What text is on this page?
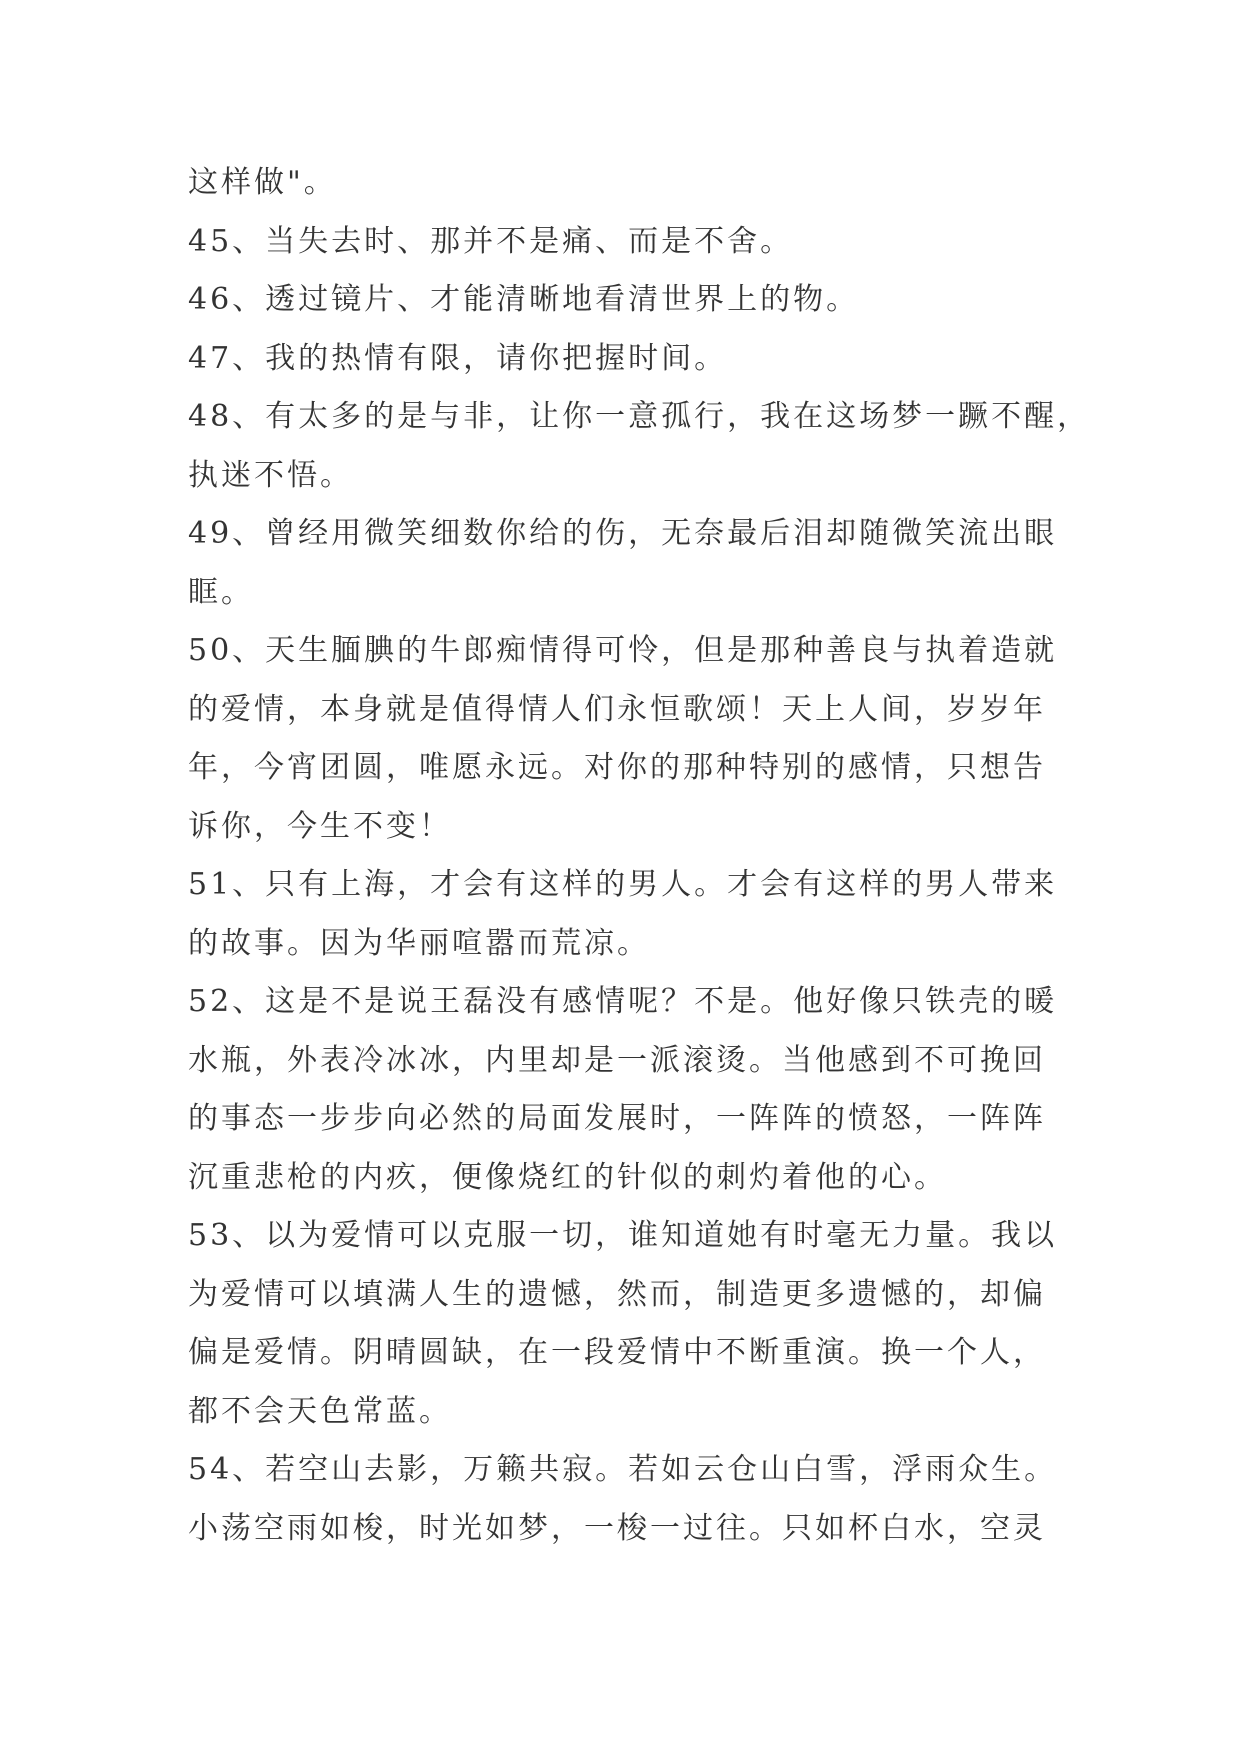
这样做"。
45、当失去时、那并不是痛、而是不舍。
46、透过镜片、才能清晰地看清世界上的物。
47、我的热情有限，请你把握时间。
48、有太多的是与非，让你一意孤行，我在这场梦一蹶不醒，
执迷不悟。
49、曾经用微笑细数你给的伤，无奈最后泪却随微笑流出眼
眶。
50、天生腼腆的牛郎痴情得可怜，但是那种善良与执着造就
的爱情，本身就是值得情人们永恒歌颂！天上人间，岁岁年
年，今宵团圆，唯愿永远。对你的那种特别的感情，只想告
诉你，今生不变！
51、只有上海，才会有这样的男人。才会有这样的男人带来
的故事。因为华丽喧嚣而荒凉。
52、这是不是说王磊没有感情呢？不是。他好像只铁壳的暖
水瓶，外表冷冰冰，内里却是一派滚烫。当他感到不可挽回
的事态一步步向必然的局面发展时，一阵阵的愤怒，一阵阵
沉重悲枪的内疚，便像烧红的针似的刺灼着他的心。
53、以为爱情可以克服一切，谁知道她有时毫无力量。我以
为爱情可以填满人生的遗憾，然而，制造更多遗憾的，却偏
偏是爱情。阴晴圆缺，在一段爱情中不断重演。换一个人，
都不会天色常蓝。
54、若空山去影，万籁共寂。若如云仓山白雪，浮雨众生。
小荡空雨如梭，时光如梦，一梭一过往。只如杯白水，空灵
